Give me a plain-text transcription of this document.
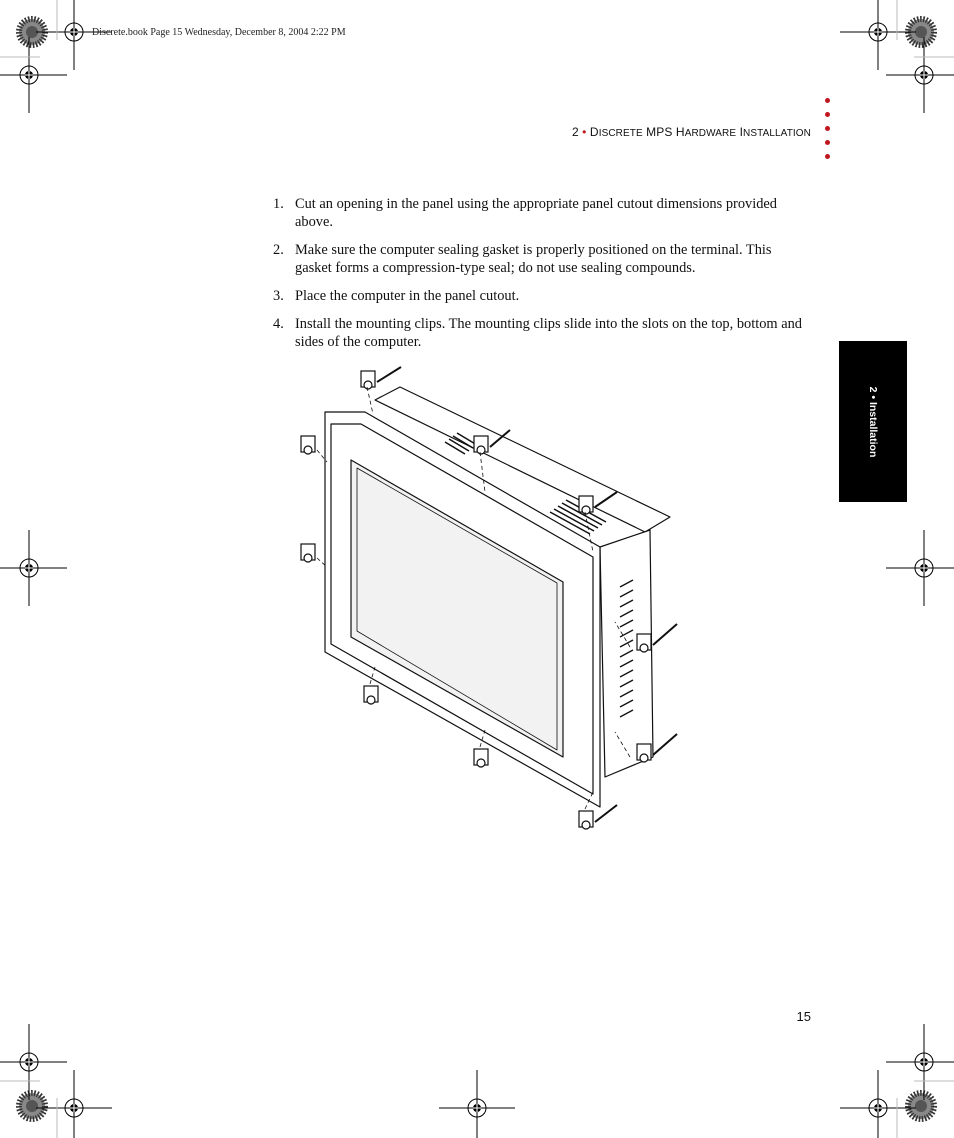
Discrete.book Page 15 Wednesday, December 8, 2004 2:22 PM
2 • DISCRETE MPS HARDWARE INSTALLATION
2 • Installation
1. Cut an opening in the panel using the appropriate panel cutout dimensions provided above.
2. Make sure the computer sealing gasket is properly positioned on the terminal. This gasket forms a compression-type seal; do not use sealing compounds.
3. Place the computer in the panel cutout.
4. Install the mounting clips. The mounting clips slide into the slots on the top, bottom and sides of the computer.
15
